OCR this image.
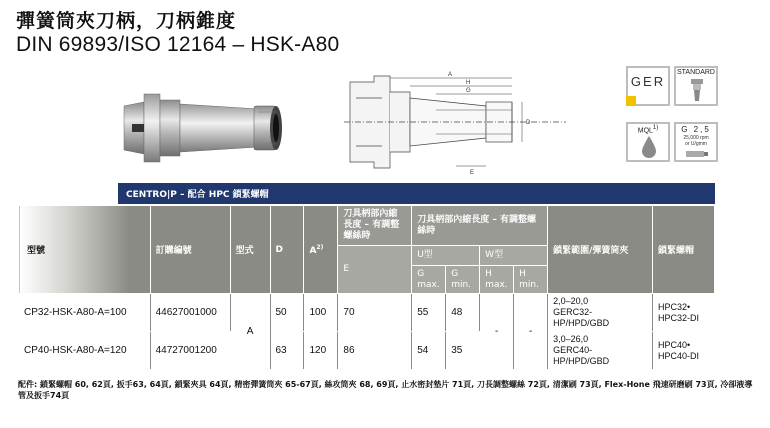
彈簧筒夾刀柄，刀柄錐度
DIN 69893/ISO 12164 – HSK-A80
A
D
G
H
E
GER
STANDARD
MQL1)	G 2,5
25,000 rpm
or U/gmm
CENTRO|P – 配合 HPC 鎖緊螺帽
型號	訂購編號	型式	D	$A^{2)}$	刀具柄部內縮長度 – 有調整螺絲時	刀具柄部內縮長度 – 有調整螺絲時				鎖緊範圍/彈簧筒夾	鎖緊螺帽
					E	U型		W型			
						G max.	G min.	H max.	H min.		
CP32-HSK-A80-A=100	44627001000	A	50	100	70	55	48	-	-	2,0–20,0
GERC32-HP/HPD/GBD	HPC32•
HPC32-DI
CP40-HSK-A80-A=120	44727001200		63	120	86	54	35			3,0–26,0
GERC40-HP/HPD/GBD	HPC40•
HPC40-DI
配件: 鎖緊螺帽 60, 62頁, 扳手63, 64頁, 鎖緊夾具 64頁, 精密彈簧筒夾 65-67頁, 絲攻筒夾 68, 69頁, 止水密封墊片 71頁, 刀長調整螺絲 72頁, 清潔刷 73頁, Flex-Hone 飛速研磨刷 73頁, 冷卻液導管及扳手74頁
